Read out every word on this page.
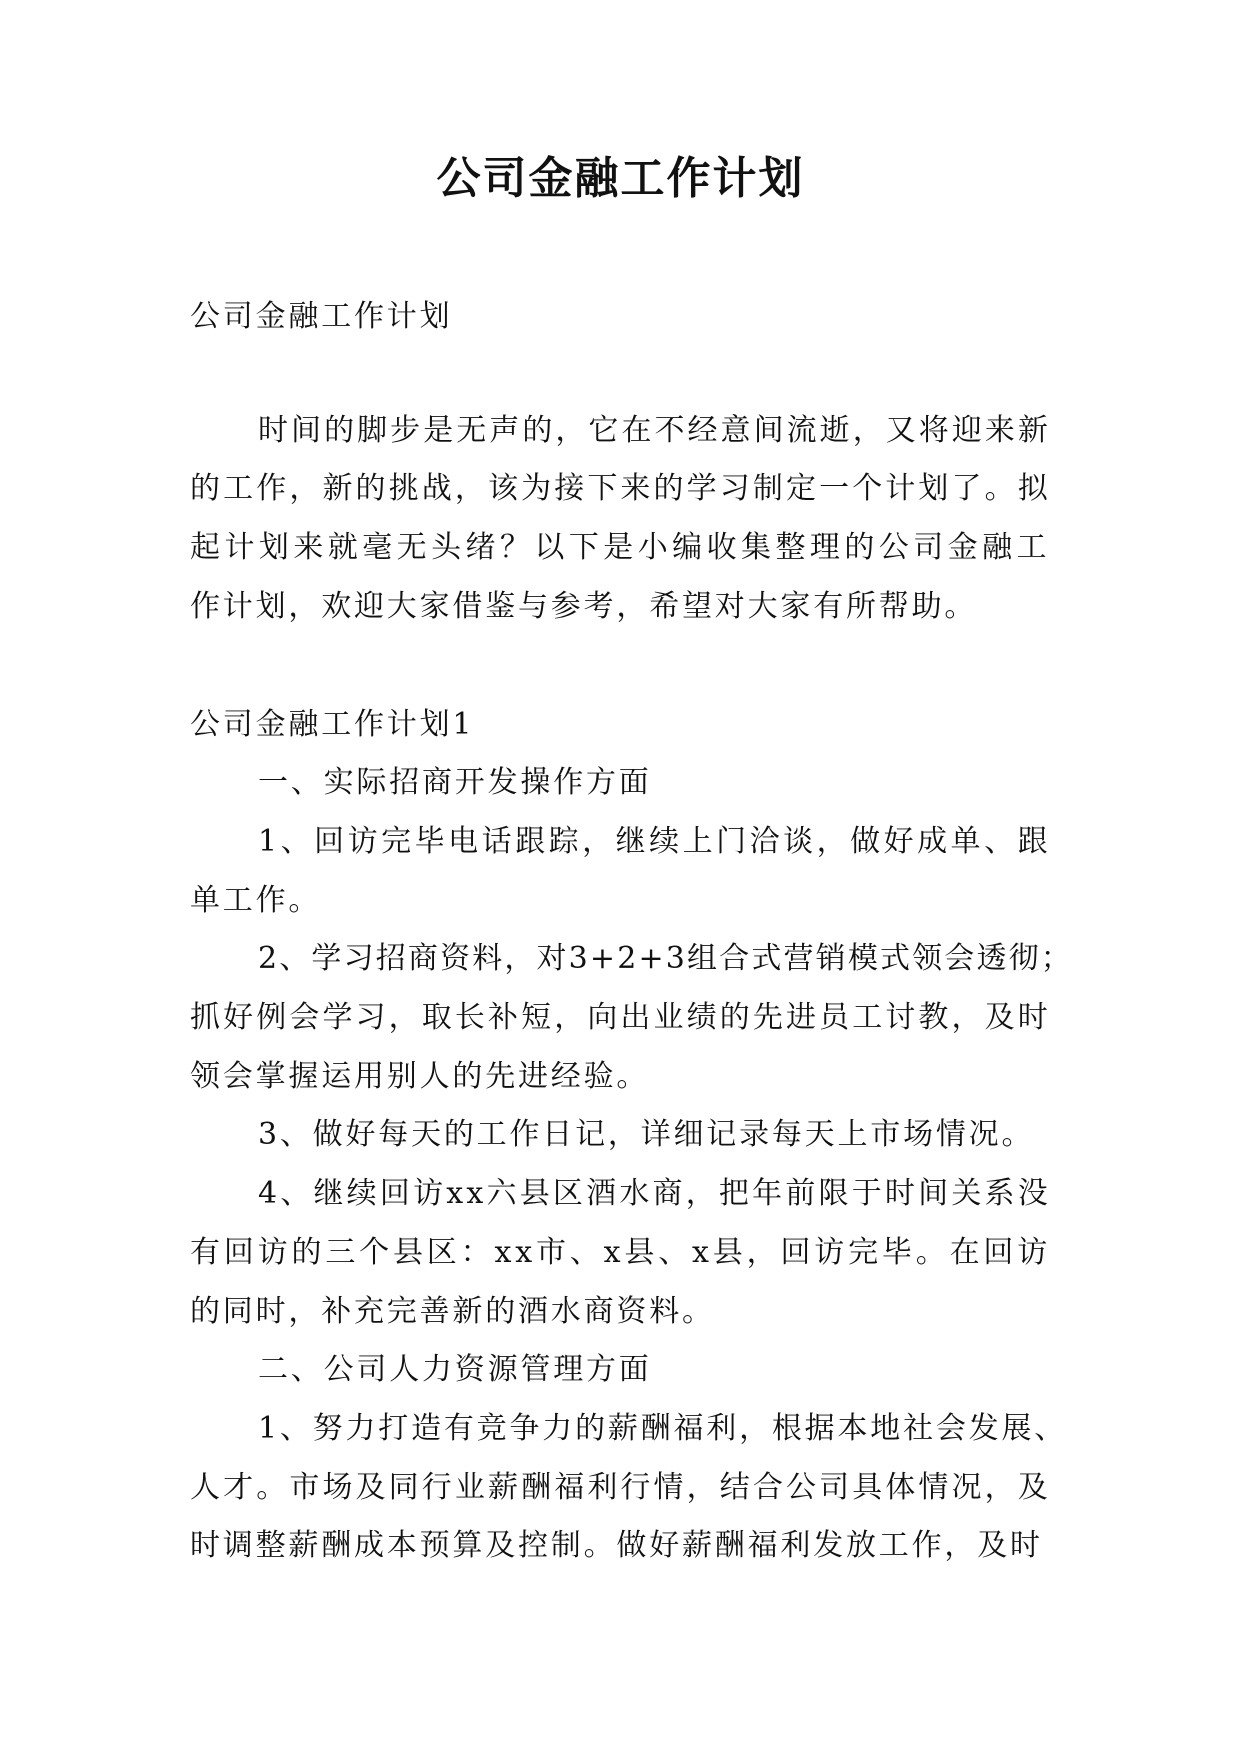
公司金融工作计划
公司金融工作计划
时间的脚步是无声的，它在不经意间流逝，又将迎来新
的工作，新的挑战，该为接下来的学习制定一个计划了。拟
起计划来就毫无头绪？以下是小编收集整理的公司金融工
作计划，欢迎大家借鉴与参考，希望对大家有所帮助。
公司金融工作计划1
一、实际招商开发操作方面
1、回访完毕电话跟踪，继续上门洽谈，做好成单、跟
单工作。
2、学习招商资料，对3+2+3组合式营销模式领会透彻；
抓好例会学习，取长补短，向出业绩的先进员工讨教，及时
领会掌握运用别人的先进经验。
3、做好每天的工作日记，详细记录每天上市场情况。
4、继续回访xx六县区酒水商，把年前限于时间关系没
有回访的三个县区：xx市、x县、x县，回访完毕。在回访
的同时，补充完善新的酒水商资料。
二、公司人力资源管理方面
1、努力打造有竞争力的薪酬福利，根据本地社会发展、
人才。市场及同行业薪酬福利行情，结合公司具体情况，及
时调整薪酬成本预算及控制。做好薪酬福利发放工作，及时
